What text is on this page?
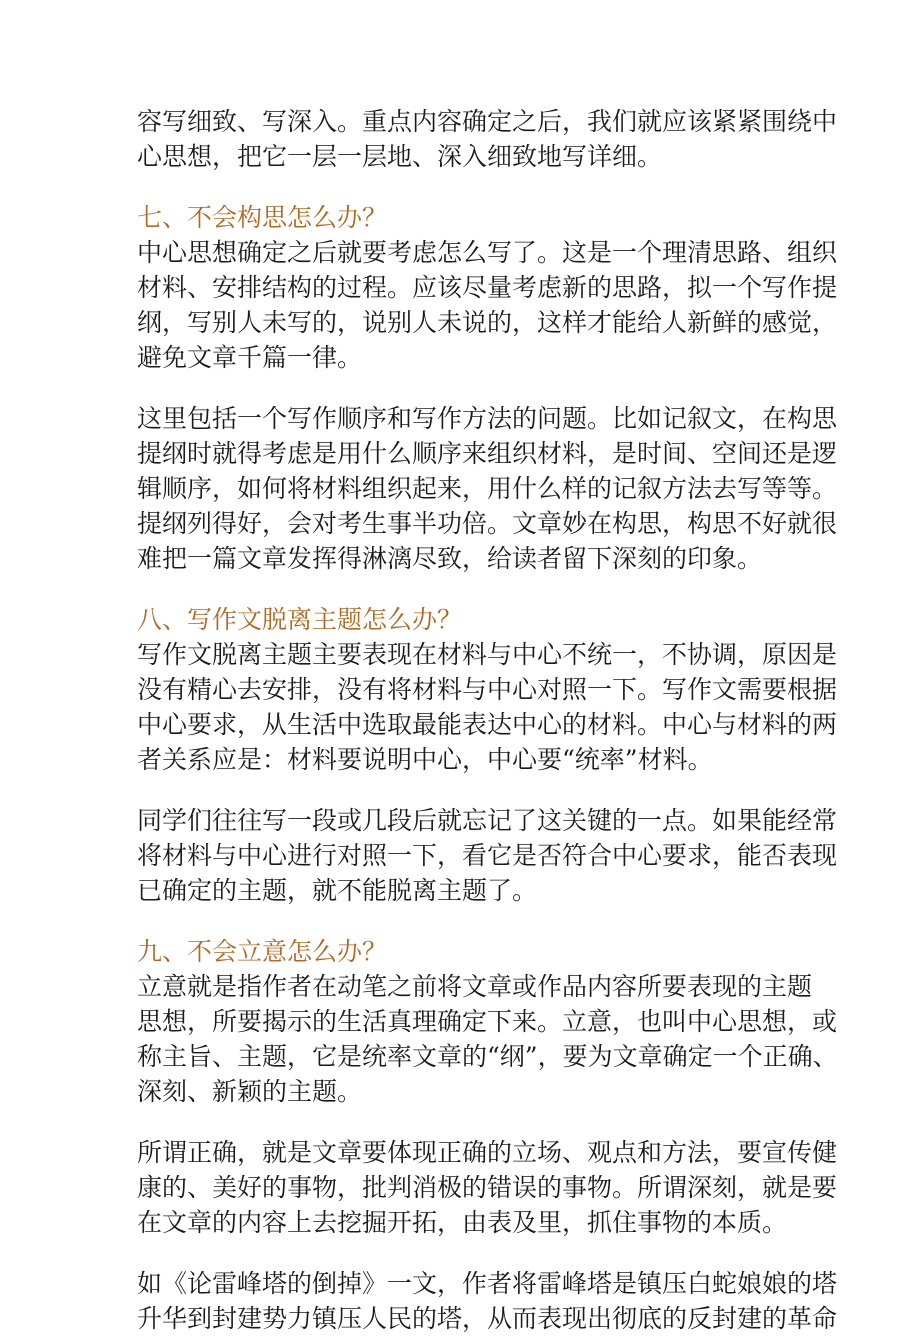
容写细致、写深入。重点内容确定之后，我们就应该紧紧围绕中
心思想，把它一层一层地、深入细致地写详细。
七、不会构思怎么办？
中心思想确定之后就要考虑怎么写了。这是一个理清思路、组织
材料、安排结构的过程。应该尽量考虑新的思路，拟一个写作提
纲，写别人未写的，说别人未说的，这样才能给人新鲜的感觉，
避免文章千篇一律。
这里包括一个写作顺序和写作方法的问题。比如记叙文，在构思
提纲时就得考虑是用什么顺序来组织材料，是时间、空间还是逻
辑顺序，如何将材料组织起来，用什么样的记叙方法去写等等。
提纲列得好，会对考生事半功倍。文章妙在构思，构思不好就很
难把一篇文章发挥得淋漓尽致，给读者留下深刻的印象。
八、写作文脱离主题怎么办？
写作文脱离主题主要表现在材料与中心不统一，不协调，原因是
没有精心去安排，没有将材料与中心对照一下。写作文需要根据
中心要求，从生活中选取最能表达中心的材料。中心与材料的两
者关系应是：材料要说明中心，中心要“统率”材料。
同学们往往写一段或几段后就忘记了这关键的一点。如果能经常
将材料与中心进行对照一下，看它是否符合中心要求，能否表现
已确定的主题，就不能脱离主题了。
九、不会立意怎么办？
立意就是指作者在动笔之前将文章或作品内容所要表现的主题
思想，所要揭示的生活真理确定下来。立意，也叫中心思想，或
称主旨、主题，它是统率文章的“纲”，要为文章确定一个正确、
深刻、新颖的主题。
所谓正确，就是文章要体现正确的立场、观点和方法，要宣传健
康的、美好的事物，批判消极的错误的事物。所谓深刻，就是要
在文章的内容上去挖掘开拓，由表及里，抓住事物的本质。
如《论雷峰塔的倒掉》一文，作者将雷峰塔是镇压白蛇娘娘的塔
升华到封建势力镇压人民的塔，从而表现出彻底的反封建的革命
